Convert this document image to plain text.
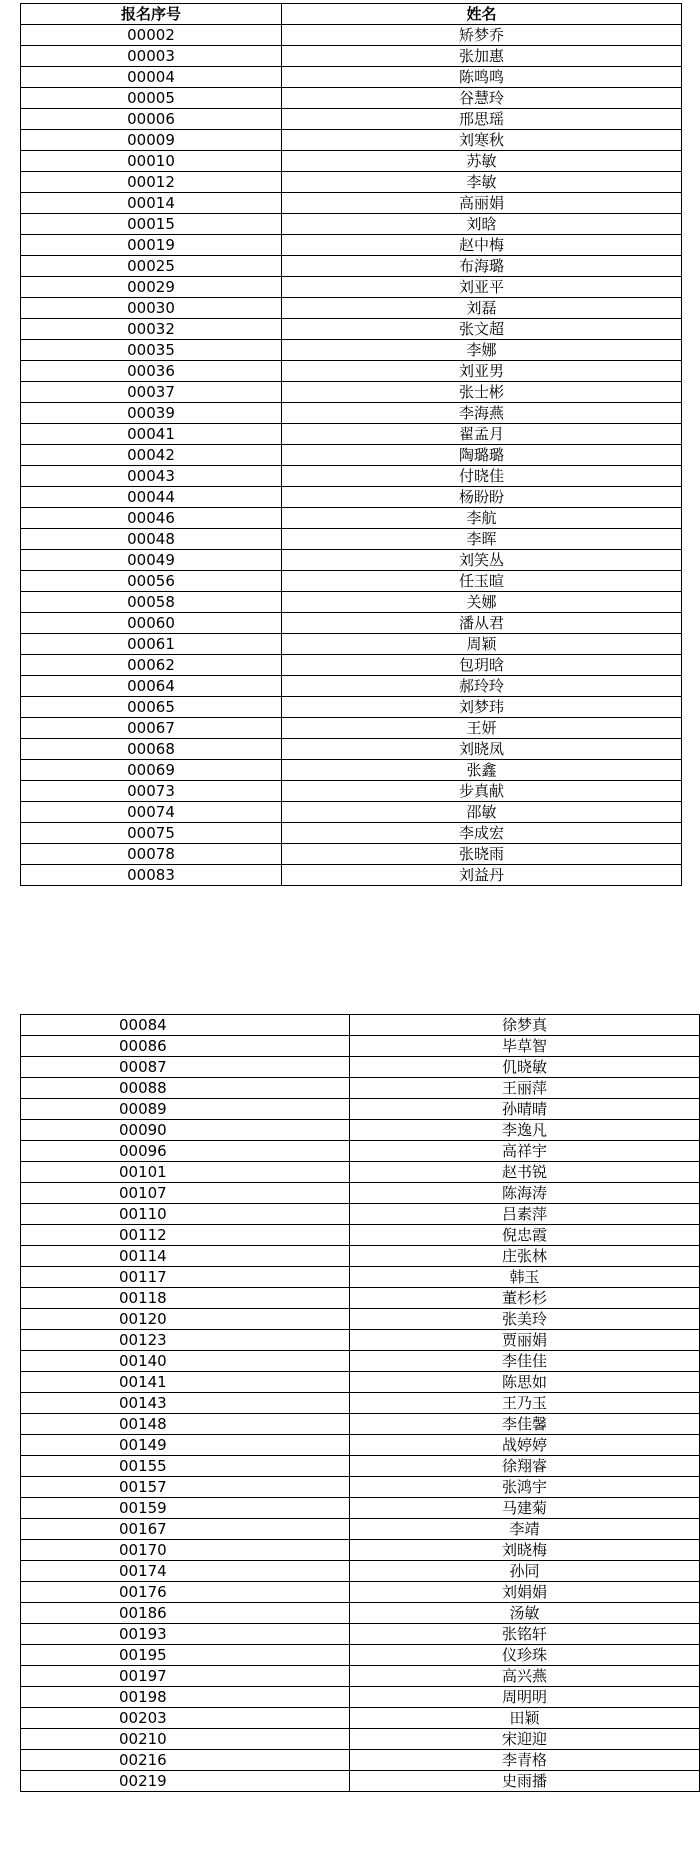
报名序号	姓名
00002	矫梦乔
00003	张加惠
00004	陈鸣鸣
00005	谷慧玲
00006	邢思瑶
00009	刘寒秋
00010	苏敏
00012	李敏
00014	高丽娟
00015	刘晗
00019	赵中梅
00025	布海璐
00029	刘亚平
00030	刘磊
00032	张文超
00035	李娜
00036	刘亚男
00037	张士彬
00039	李海燕
00041	翟孟月
00042	陶璐璐
00043	付晓佳
00044	杨盼盼
00046	李航
00048	李晖
00049	刘笑丛
00056	任玉暄
00058	关娜
00060	潘从君
00061	周颖
00062	包玥晗
00064	郝玲玲
00065	刘梦玮
00067	王妍
00068	刘晓凤
00069	张鑫
00073	步真献
00074	邵敏
00075	李成宏
00078	张晓雨
00083	刘益丹
00084	徐梦真
00086	毕草智
00087	仉晓敏
00088	王丽萍
00089	孙晴晴
00090	李逸凡
00096	高祥宇
00101	赵书锐
00107	陈海涛
00110	吕素萍
00112	倪忠霞
00114	庄张林
00117	韩玉
00118	董杉杉
00120	张美玲
00123	贾丽娟
00140	李佳佳
00141	陈思如
00143	王乃玉
00148	李佳馨
00149	战婷婷
00155	徐翔睿
00157	张鸿宇
00159	马建菊
00167	李靖
00170	刘晓梅
00174	孙同
00176	刘娟娟
00186	汤敏
00193	张铭轩
00195	仪珍珠
00197	高兴燕
00198	周明明
00203	田颖
00210	宋迎迎
00216	李青格
00219	史雨播
